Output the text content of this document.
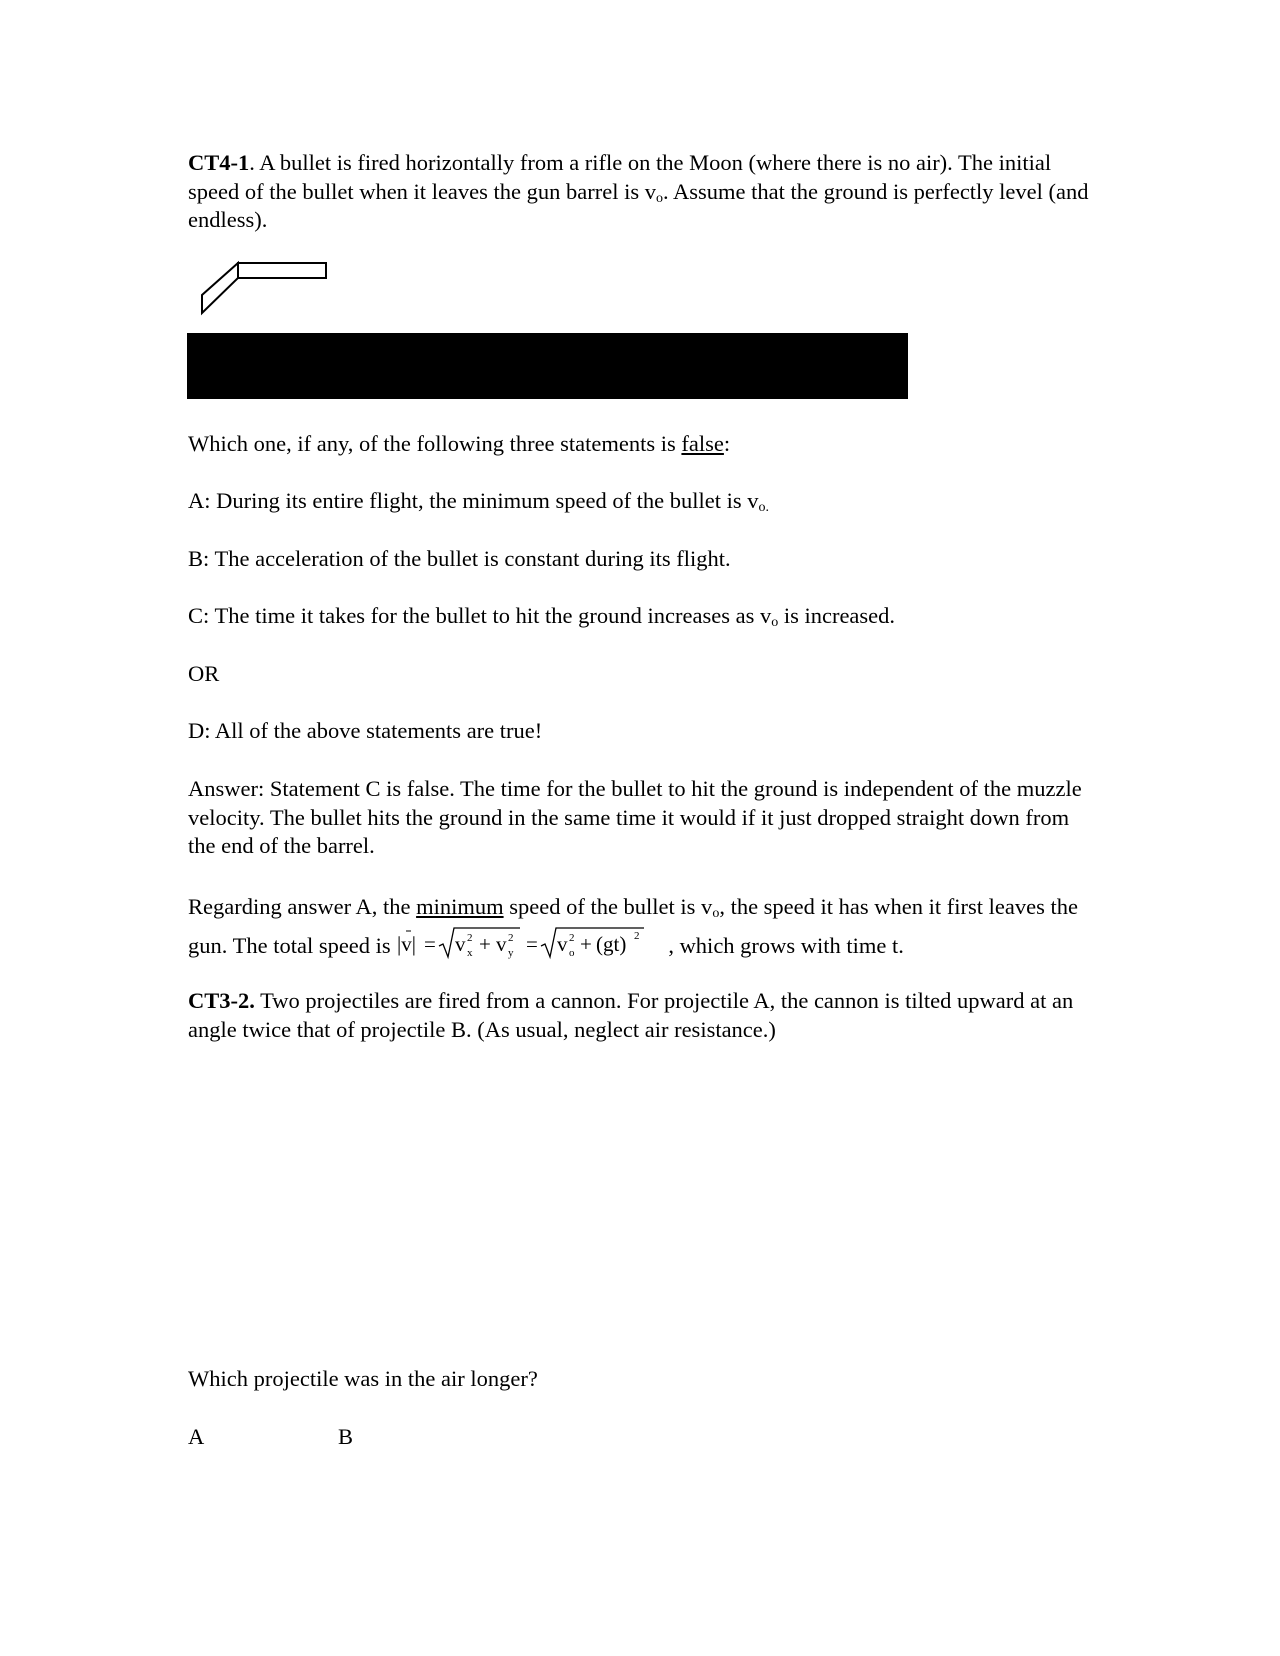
CT4-1. A bullet is fired horizontally from a rifle on the Moon (where there is no air). The initial speed of the bullet when it leaves the gun barrel is $v_o$. Assume that the ground is perfectly level (and endless).

Which one, if any, of the following three statements is false:

A: During its entire flight, the minimum speed of the bullet is $v_{o.}$

B: The acceleration of the bullet is constant during its flight.

C: The time it takes for the bullet to hit the ground increases as $v_o$ is increased.

OR

D: All of the above statements are true!

Answer: Statement C is false. The time for the bullet to hit the ground is independent of the muzzle velocity. The bullet hits the ground in the same time it would if it just dropped straight down from the end of the barrel.

Regarding answer A, the minimum speed of the bullet is $v_o$, the speed it has when it first leaves the gun. The total speed is |v| = v 2
x + v 2
y = v 2
o + (gt) 2 , which grows with time t.

CT3-2. Two projectiles are fired from a cannon. For projectile A, the cannon is tilted upward at an angle twice that of projectile B. (As usual, neglect air resistance.)

Which projectile was in the air longer?

A	B
